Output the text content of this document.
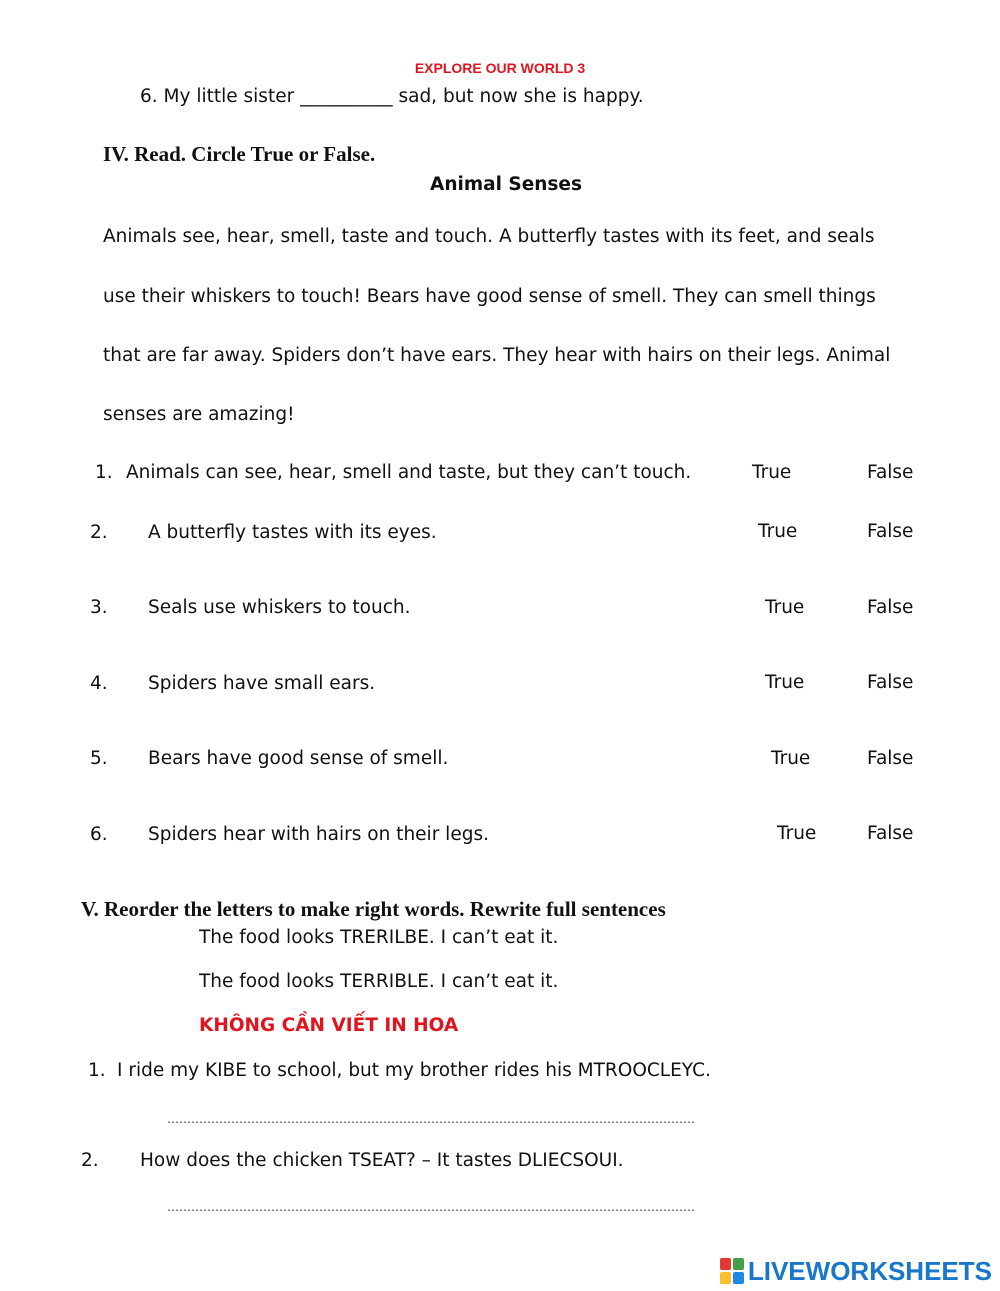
EXPLORE OUR WORLD 3
6. My little sister __________ sad, but now she is happy.
IV. Read. Circle True or False.
Animal Senses
Animals see, hear, smell, taste and touch. A butterfly tastes with its feet, and seals
use their whiskers to touch! Bears have good sense of smell. They can smell things
that are far away. Spiders don’t have ears. They hear with hairs on their legs. Animal
senses are amazing!
1. Animals can see, hear, smell and taste, but they can’t touch.	True	False
2. A butterfly tastes with its eyes.	True	False
3. Seals use whiskers to touch.	True	False
4. Spiders have small ears.	True	False
5. Bears have good sense of smell.	True	False
6. Spiders hear with hairs on their legs.	True	False
V. Reorder the letters to make right words. Rewrite full sentences
The food looks TRERILBE. I can’t eat it.
The food looks TERRIBLE. I can’t eat it.
KHÔNG CẦN VIẾT IN HOA
1. I ride my KIBE to school, but my brother rides his MTROOCLEYC.
……………………………………………………………………………………………………………………
2. How does the chicken TSEAT? – It tastes DLIECSOUI.
……………………………………………………………………………………………………………………
LIVEWORKSHEETS
